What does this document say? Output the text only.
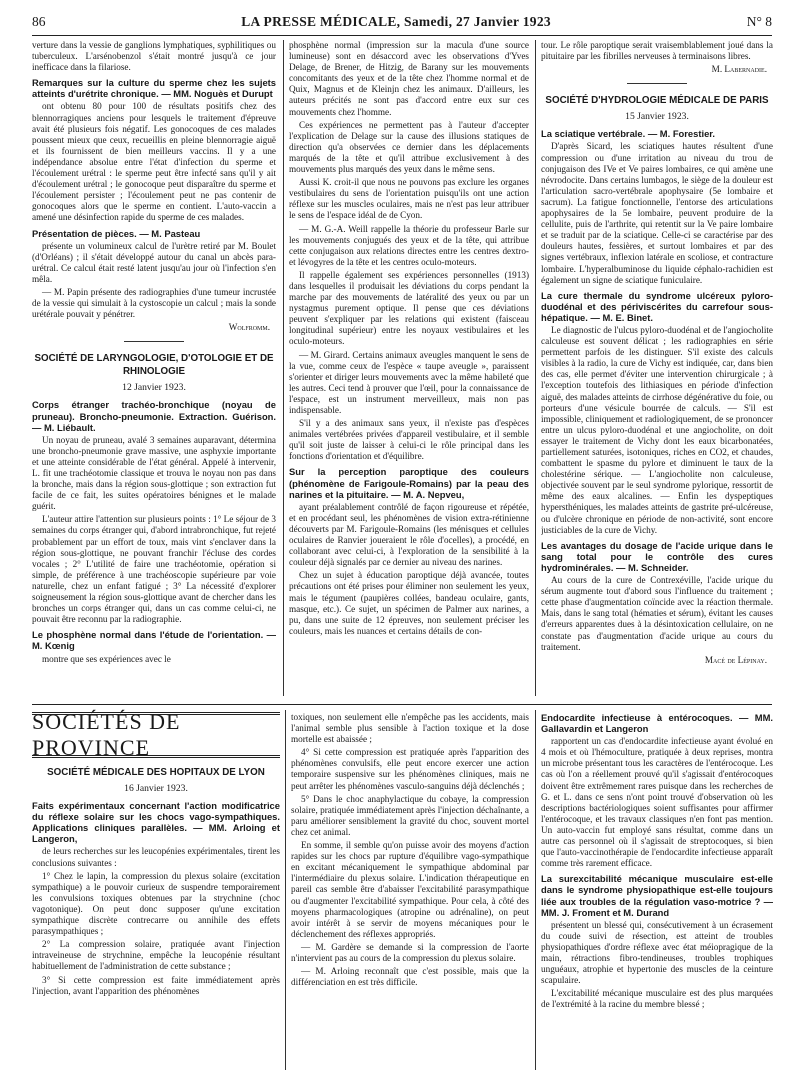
86	LA PRESSE MÉDICALE, Samedi, 27 Janvier 1923	N° 8

verture dans la vessie de ganglions lymphatiques, syphilitiques ou tuberculeux. L'arsénobenzol s'était montré jusqu'à ce jour inefficace dans la filariose.

Remarques sur la culture du sperme chez les sujets atteints d'urétrite chronique. — MM. Noguès et Durupt

ont obtenu 80 pour 100 de résultats positifs chez des blennorragiques anciens pour lesquels le traitement d'épreuve avait été plusieurs fois négatif. Les gonocoques de ces malades poussent mieux que ceux, recueillis en pleine blennorragie aiguë et ils fournissent de bien meilleurs vaccins. Il y a une indépendance absolue entre l'état d'infection du sperme et l'écoulement urétral : le sperme peut être infecté sans qu'il y ait d'écoulement urétral ; le gonocoque peut disparaître du sperme et l'écoulement persister ; l'écoulement peut ne pas contenir de gonocoques alors que le sperme en contient. L'auto-vaccin a amené une désinfection rapide du sperme de ces malades.

Présentation de pièces. — M. Pasteau

présente un volumineux calcul de l'urètre retiré par M. Boulet (d'Orléans) ; il s'était développé autour du canal un abcès para-urétral. Ce calcul était resté latent jusqu'au jour où l'infection s'en mêla.

— M. Papin présente des radiographies d'une tumeur incrustée de la vessie qui simulait à la cystoscopie un calcul ; mais la sonde urétérale pouvait y pénétrer.

Wolfromm.

SOCIÉTÉ DE LARYNGOLOGIE, D'OTOLOGIE ET DE RHINOLOGIE

12 Janvier 1923.

Corps étranger trachéo-bronchique (noyau de pruneau). Broncho-pneumonie. Extraction. Guérison. — M. Liébault.

Un noyau de pruneau, avalé 3 semaines auparavant, détermina une broncho-pneumonie grave massive, une asphyxie importante et une atteinte considérable de l'état général. Appelé à intervenir, L. fit une trachéotomie classique et trouva le noyau non pas dans la bronche, mais dans la région sous-glottique ; son extraction fut facile de ce fait, les suites opératoires bénignes et le malade guérit.

L'auteur attire l'attention sur plusieurs points : 1° Le séjour de 3 semaines du corps étranger qui, d'abord intrabronchique, fut rejeté probablement par un effort de toux, mais vint s'enclaver dans la région sous-glottique, ne pouvant franchir l'écluse des cordes vocales ; 2° L'utilité de faire une trachéotomie, opération si simple, de préférence à une trachéoscopie supérieure par voie naturelle, chez un enfant fatigué ; 3° La nécessité d'explorer soigneusement la région sous-glottique avant de chercher dans les bronches un corps étranger qui, dans un cas comme celui-ci, ne pouvait être reconnu par la radiographie.

Le phosphène normal dans l'étude de l'orientation. — M. Kœnig

montre que ses expériences avec le

phosphène normal (impression sur la macula d'une source lumineuse) sont en désaccord avec les observations d'Yves Delage, de Brener, de Hitzig, de Barany sur les mouvements concomitants des yeux et de la tête chez l'homme normal et de Quix, Magnus et de Kleinjn chez les animaux. D'ailleurs, les auteurs précités ne sont pas d'accord entre eux sur ces mouvements chez l'homme.

Ces expériences ne permettent pas à l'auteur d'accepter l'explication de Delage sur la cause des illusions statiques de direction qu'a observées ce dernier dans les déplacements marqués de la tête et qu'il attribue exclusivement à des mouvements plus marqués des yeux dans le même sens.

Aussi K. croit-il que nous ne pouvons pas exclure les organes vestibulaires du sens de l'orientation puisqu'ils ont une action réflexe sur les muscles oculaires, mais ne n'est pas leur attribuer le sens de l'espace idéal de de Cyon.

— M. G.-A. Weill rappelle la théorie du professeur Barle sur les mouvements conjugués des yeux et de la tête, qui attribue cette conjugaison aux relations directes entre les centres dextro- et lévogyres de la tête et les centres oculo-moteurs.

Il rappelle également ses expériences personnelles (1913) dans lesquelles il produisait les déviations du corps pendant la marche par des mouvements de latéralité des yeux ou par un nystagmus purement optique. Il pense que ces déviations peuvent s'expliquer par les relations qui existent (faisceau longitudinal supérieur) entre les noyaux vestibulaires et les oculo-moteurs.

— M. Girard. Certains animaux aveugles manquent le sens de la vue, comme ceux de l'espèce « taupe aveugle », paraissent s'orienter et diriger leurs mouvements avec la même habileté que les autres. Ceci tend à prouver que l'œil, pour la connaissance de l'espace, est un instrument merveilleux, mais non pas indispensable.

S'il y a des animaux sans yeux, il n'existe pas d'espèces animales vertébrées privées d'appareil vestibulaire, et il semble qu'il soit juste de laisser à celui-ci le rôle principal dans les fonctions d'orientation et d'équilibre.

Sur la perception paroptique des couleurs (phénomène de Farigoule-Romains) par la peau des narines et la pituitaire. — M. A. Nepveu,

ayant préalablement contrôlé de façon rigoureuse et répétée, et en procédant seul, les phénomènes de vision extra-rétinienne découverts par M. Farigoule-Romains (les ménisques et cellules oculaires de Ranvier joueraient le rôle d'ocelles), a procédé, en collaborant avec celui-ci, à l'exploration de la sensibilité à la couleur déjà signalés par ce dernier au niveau des narines.

Chez un sujet à éducation paroptique déjà avancée, toutes précautions ont été prises pour éliminer non seulement les yeux, mais le tégument (paupières collées, bandeau oculaire, gants, masque, etc.). Ce sujet, un spécimen de Palmer aux narines, a pu, dans une suite de 12 épreuves, non seulement préciser les couleurs, mais les nuances et certains détails de con-

tour. Le rôle paroptique serait vraisemblablement joué dans la pituitaire par les fibrilles nerveuses à terminaisons libres.

M. Labernadie.

SOCIÉTÉ D'HYDROLOGIE MÉDICALE DE PARIS

15 Janvier 1923.

La sciatique vertébrale. — M. Forestier.

D'après Sicard, les sciatiques hautes résultent d'une compression ou d'une irritation au niveau du trou de conjugaison des IVe et Ve paires lombaires, ce qui amène une névrodocite. Dans certains lumbagos, le siège de la douleur est l'articulation sacro-vertébrale apophysaire (5e lombaire et sacrum). La fatigue fonctionnelle, l'entorse des articulations apophysaires de la 5e lombaire, peuvent produire de la cellulite, puis de l'arthrite, qui retentit sur la Ve paire lombaire et se traduit par de la sciatique. Celle-ci se caractérise par des douleurs hautes, fessières, et surtout lombaires et par des signes vertébraux, inflexion latérale en scoliose, et contracture lombaire. L'hyperalbuminose du liquide céphalo-rachidien est également un signe de sciatique funiculaire.

La cure thermale du syndrome ulcéreux pyloro-duodénal et des périviscérites du carrefour sous-hépatique. — M. E. Binet.

Le diagnostic de l'ulcus pyloro-duodénal et de l'angiocholite calculeuse est souvent délicat ; les radiographies en série permettent parfois de les distinguer. S'il existe des calculs visibles à la radio, la cure de Vichy est indiquée, car, dans bien des cas, elle permet d'éviter une intervention chirurgicale ; à l'exception toutefois des lithiasiques en période d'infection aiguë, des malades atteints de cirrhose dégénérative du foie, ou porteurs d'une vésicule bourrée de calculs. — S'il est impossible, cliniquement et radiologiquement, de se prononcer entre un ulcus pyloro-duodénal et une angiocholite, on doit essayer le traitement de Vichy dont les eaux bicarbonatées, partiellement saturées, isotoniques, riches en CO2, et chaudes, combattent le spasme du pylore et diminuent le taux de la cholestérine sérique. — L'angiocholite non calculeuse, objectivée souvent par le seul syndrome pylorique, ressortit de même des eaux alcalines. — Enfin les dyspeptiques hypersthéniques, les malades atteints de gastrite pré-ulcéreuse, ou d'ulcère chronique en période de non-activité, sont encore justiciables de la cure de Vichy.

Les avantages du dosage de l'acide urique dans le sang total pour le contrôle des cures hydrominérales. — M. Schneider.

Au cours de la cure de Contrexéville, l'acide urique du sérum augmente tout d'abord sous l'influence du traitement ; cette phase d'augmentation coïncide avec la réaction thermale. Mais, dans le sang total (hématies et sérum), évitant les causes d'erreurs apparentes dues à la désintoxication cellulaire, on ne constate pas d'augmentation d'acide urique au cours du traitement.

Macé de Lépinay.

SOCIÉTÉS DE PROVINCE

SOCIÉTÉ MÉDICALE DES HOPITAUX DE LYON

16 Janvier 1923.

Faits expérimentaux concernant l'action modificatrice du réflexe solaire sur les chocs vago-sympathiques. Applications cliniques parallèles. — MM. Arloing et Langeron,

de leurs recherches sur les leucopénies expérimentales, tirent les conclusions suivantes :

1° Chez le lapin, la compression du plexus solaire (excitation sympathique) a le pouvoir curieux de suspendre temporairement les convulsions toxiques obtenues par la strychnine (choc vagotonique). On peut donc supposer qu'une excitation sympathique discrète contrecarre ou annihile des effets parasympathiques ;

2° La compression solaire, pratiquée avant l'injection intraveineuse de strychnine, empêche la leucopénie résultant habituellement de l'administration de cette substance ;

3° Si cette compression est faite immédiatement après l'injection, avant l'apparition des phénomènes

toxiques, non seulement elle n'empêche pas les accidents, mais l'animal semble plus sensible à l'action toxique et la dose mortelle est abaissée ;

4° Si cette compression est pratiquée après l'apparition des phénomènes convulsifs, elle peut encore exercer une action temporaire suspensive sur les phénomènes cliniques, mais ne peut arrêter les phénomènes vasculo-sanguins déjà déclenchés ;

5° Dans le choc anaphylactique du cobaye, la compression solaire, pratiquée immédiatement après l'injection déchaînante, a paru améliorer sensiblement la gravité du choc, souvent mortel chez cet animal.

En somme, il semble qu'on puisse avoir des moyens d'action rapides sur les chocs par rupture d'équilibre vago-sympathique en excitant mécaniquement le sympathique abdominal par l'intermédiaire du plexus solaire. L'indication thérapeutique en pareil cas semble être d'abaisser l'excitabilité parasympathique ou d'augmenter l'excitabilité sympathique. Pour cela, à côté des moyens pharmacologiques (atropine ou adrénaline), on peut avoir intérêt à se servir de moyens mécaniques pour le déclenchement des réflexes appropriés.

— M. Gardère se demande si la compression de l'aorte n'intervient pas au cours de la compression du plexus solaire.

— M. Arloing reconnaît que c'est possible, mais que la différenciation en est très difficile.

Endocardite infectieuse à entérocoques. — MM. Gallavardin et Langeron

rapportent un cas d'endocardite infectieuse ayant évolué en 4 mois et où l'hémoculture, pratiquée à deux reprises, montra un microbe présentant tous les caractères de l'entérocoque. Les cas où l'on a réellement prouvé qu'il s'agissait d'entérocoques doivent être extrêmement rares puisque dans les recherches de G. et L. dans ce sens n'ont point trouvé d'observation où les descriptions bactériologiques soient suffisantes pour affirmer l'entérocoque, et les travaux classiques n'en font pas mention. Un auto-vaccin fut employé sans résultat, comme dans un autre cas personnel où il s'agissait de streptocoques, si bien que l'auto-vaccinothérapie de l'endocardite infectieuse apparaît comme très rarement efficace.

La surexcitabilité mécanique musculaire est-elle dans le syndrome physiopathique est-elle toujours liée aux troubles de la régulation vaso-motrice ? — MM. J. Froment et M. Durand

présentent un blessé qui, consécutivement à un écrasement du coude suivi de résection, est atteint de troubles physiopathiques d'ordre réflexe avec état méiopragique de la main, rétractions fibro-tendineuses, troubles trophiques unguéaux, atrophie et hypertonie des muscles de la ceinture scapulaire.

L'excitabilité mécanique musculaire est des plus marquées de l'extrémité à la racine du membre blessé ;
